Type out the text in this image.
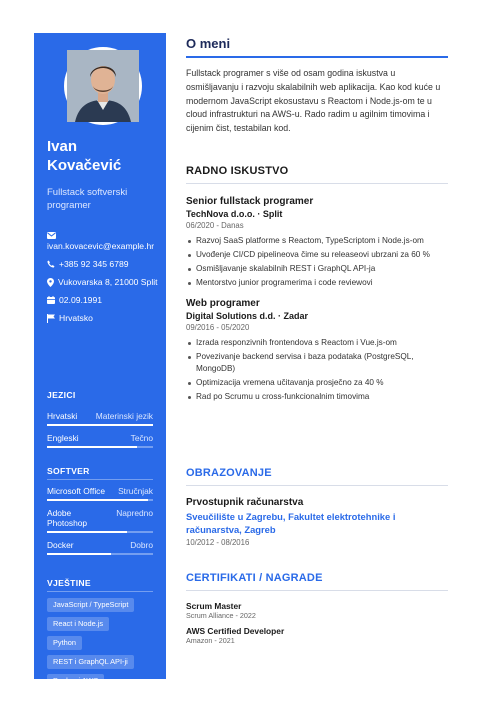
Ivan
Kovačević
Fullstack softverski programer
ivan.kovacevic@example.hr
+385 92 345 6789
Vukovarska 8, 21000 Split
02.09.1991
Hrvatsko
JEZICI
Hrvatski Materinski jezik
Engleski	Tečno
SOFTVER
Microsoft Office Stručnjak
Adobe Photoshop
Napredno
Docker	Dobro
VJEŠTINE
JavaScript / TypeScript
React i Node.js
Python
REST i GraphQL API-ji
Docker i AWS
Git i CI/CD
O meni

Fullstack programer s više od osam godina iskustva u osmišljavanju i razvoju skalabilnih web aplikacija. Kao kod kuće u modernom JavaScript ekosustavu s Reactom i Node.js-om te u cloud infrastrukturi na AWS-u. Rado radim u agilnim timovima i cijenim čist, testabilan kod.

RADNO ISKUSTVO
Senior fullstack programer
TechNova d.o.o. · Split
06/2020 - Danas
Razvoj SaaS platforme s Reactom, TypeScriptom i Node.js-om
Uvođenje CI/CD pipelineova čime su releaseovi ubrzani za 60 %
Osmišljavanje skalabilnih REST i GraphQL API-ja
Mentorstvo junior programerima i code reviewovi
Web programer
Digital Solutions d.d. · Zadar
09/2016 - 05/2020
Izrada responzivnih frontendova s Reactom i Vue.js-om
Povezivanje backend servisa i baza podataka (PostgreSQL, MongoDB)
Optimizacija vremena učitavanja prosječno za 40 %
Rad po Scrumu u cross-funkcionalnim timovima
OBRAZOVANJE
Prvostupnik računarstva
Sveučilište u Zagrebu, Fakultet elektrotehnike i računarstva, Zagreb
10/2012 - 08/2016
CERTIFIKATI / NAGRADE
Scrum Master
Scrum Alliance - 2022
AWS Certified Developer
Amazon - 2021
